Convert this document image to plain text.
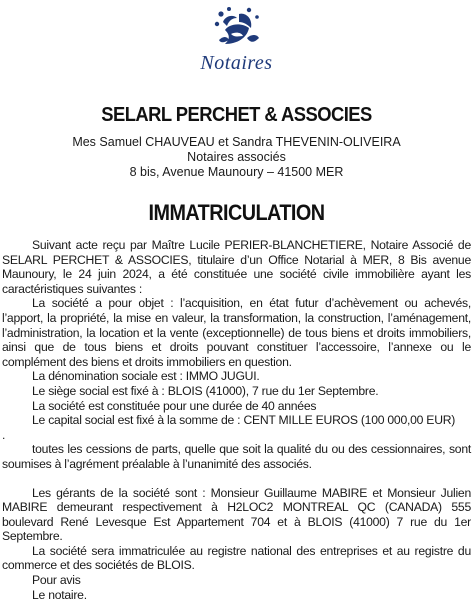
Notaires
SELARL PERCHET & ASSOCIES
Mes Samuel CHAUVEAU et Sandra THEVENIN-OLIVEIRA
Notaires associés
8 bis, Avenue Maunoury – 41500 MER
IMMATRICULATION

Suivant acte reçu par Maître Lucile PERIER-BLANCHETIERE, Notaire Associé de SELARL PERCHET & ASSOCIES, titulaire d’un Office Notarial à MER, 8 Bis avenue Maunoury, le 24 juin 2024, a été constituée une société civile immobilière ayant les caractéristiques suivantes :

La société a pour objet : l’acquisition, en état futur d’achèvement ou achevés, l’apport, la propriété, la mise en valeur, la transformation, la construction, l’aménagement, l’administration, la location et la vente (exceptionnelle) de tous biens et droits immobiliers, ainsi que de tous biens et droits pouvant constituer l’accessoire, l’annexe ou le complément des biens et droits immobiliers en question.

La dénomination sociale est : IMMO JUGUI.

Le siège social est fixé à : BLOIS (41000), 7 rue du 1er Septembre.

La société est constituée pour une durée de 40 années

Le capital social est fixé à la somme de : CENT MILLE EUROS (100 000,00 EUR)

.

toutes les cessions de parts, quelle que soit la qualité du ou des cessionnaires, sont soumises à l’agrément préalable à l’unanimité des associés.

Les gérants de la société sont : Monsieur Guillaume MABIRE et Monsieur Julien MABIRE demeurant respectivement à H2LOC2 MONTREAL QC (CANADA) 555 boulevard René Levesque Est Appartement 704 et à BLOIS (41000) 7 rue du 1er Septembre.

La société sera immatriculée au registre national des entreprises et au registre du commerce et des sociétés de BLOIS.

Pour avis

Le notaire.
